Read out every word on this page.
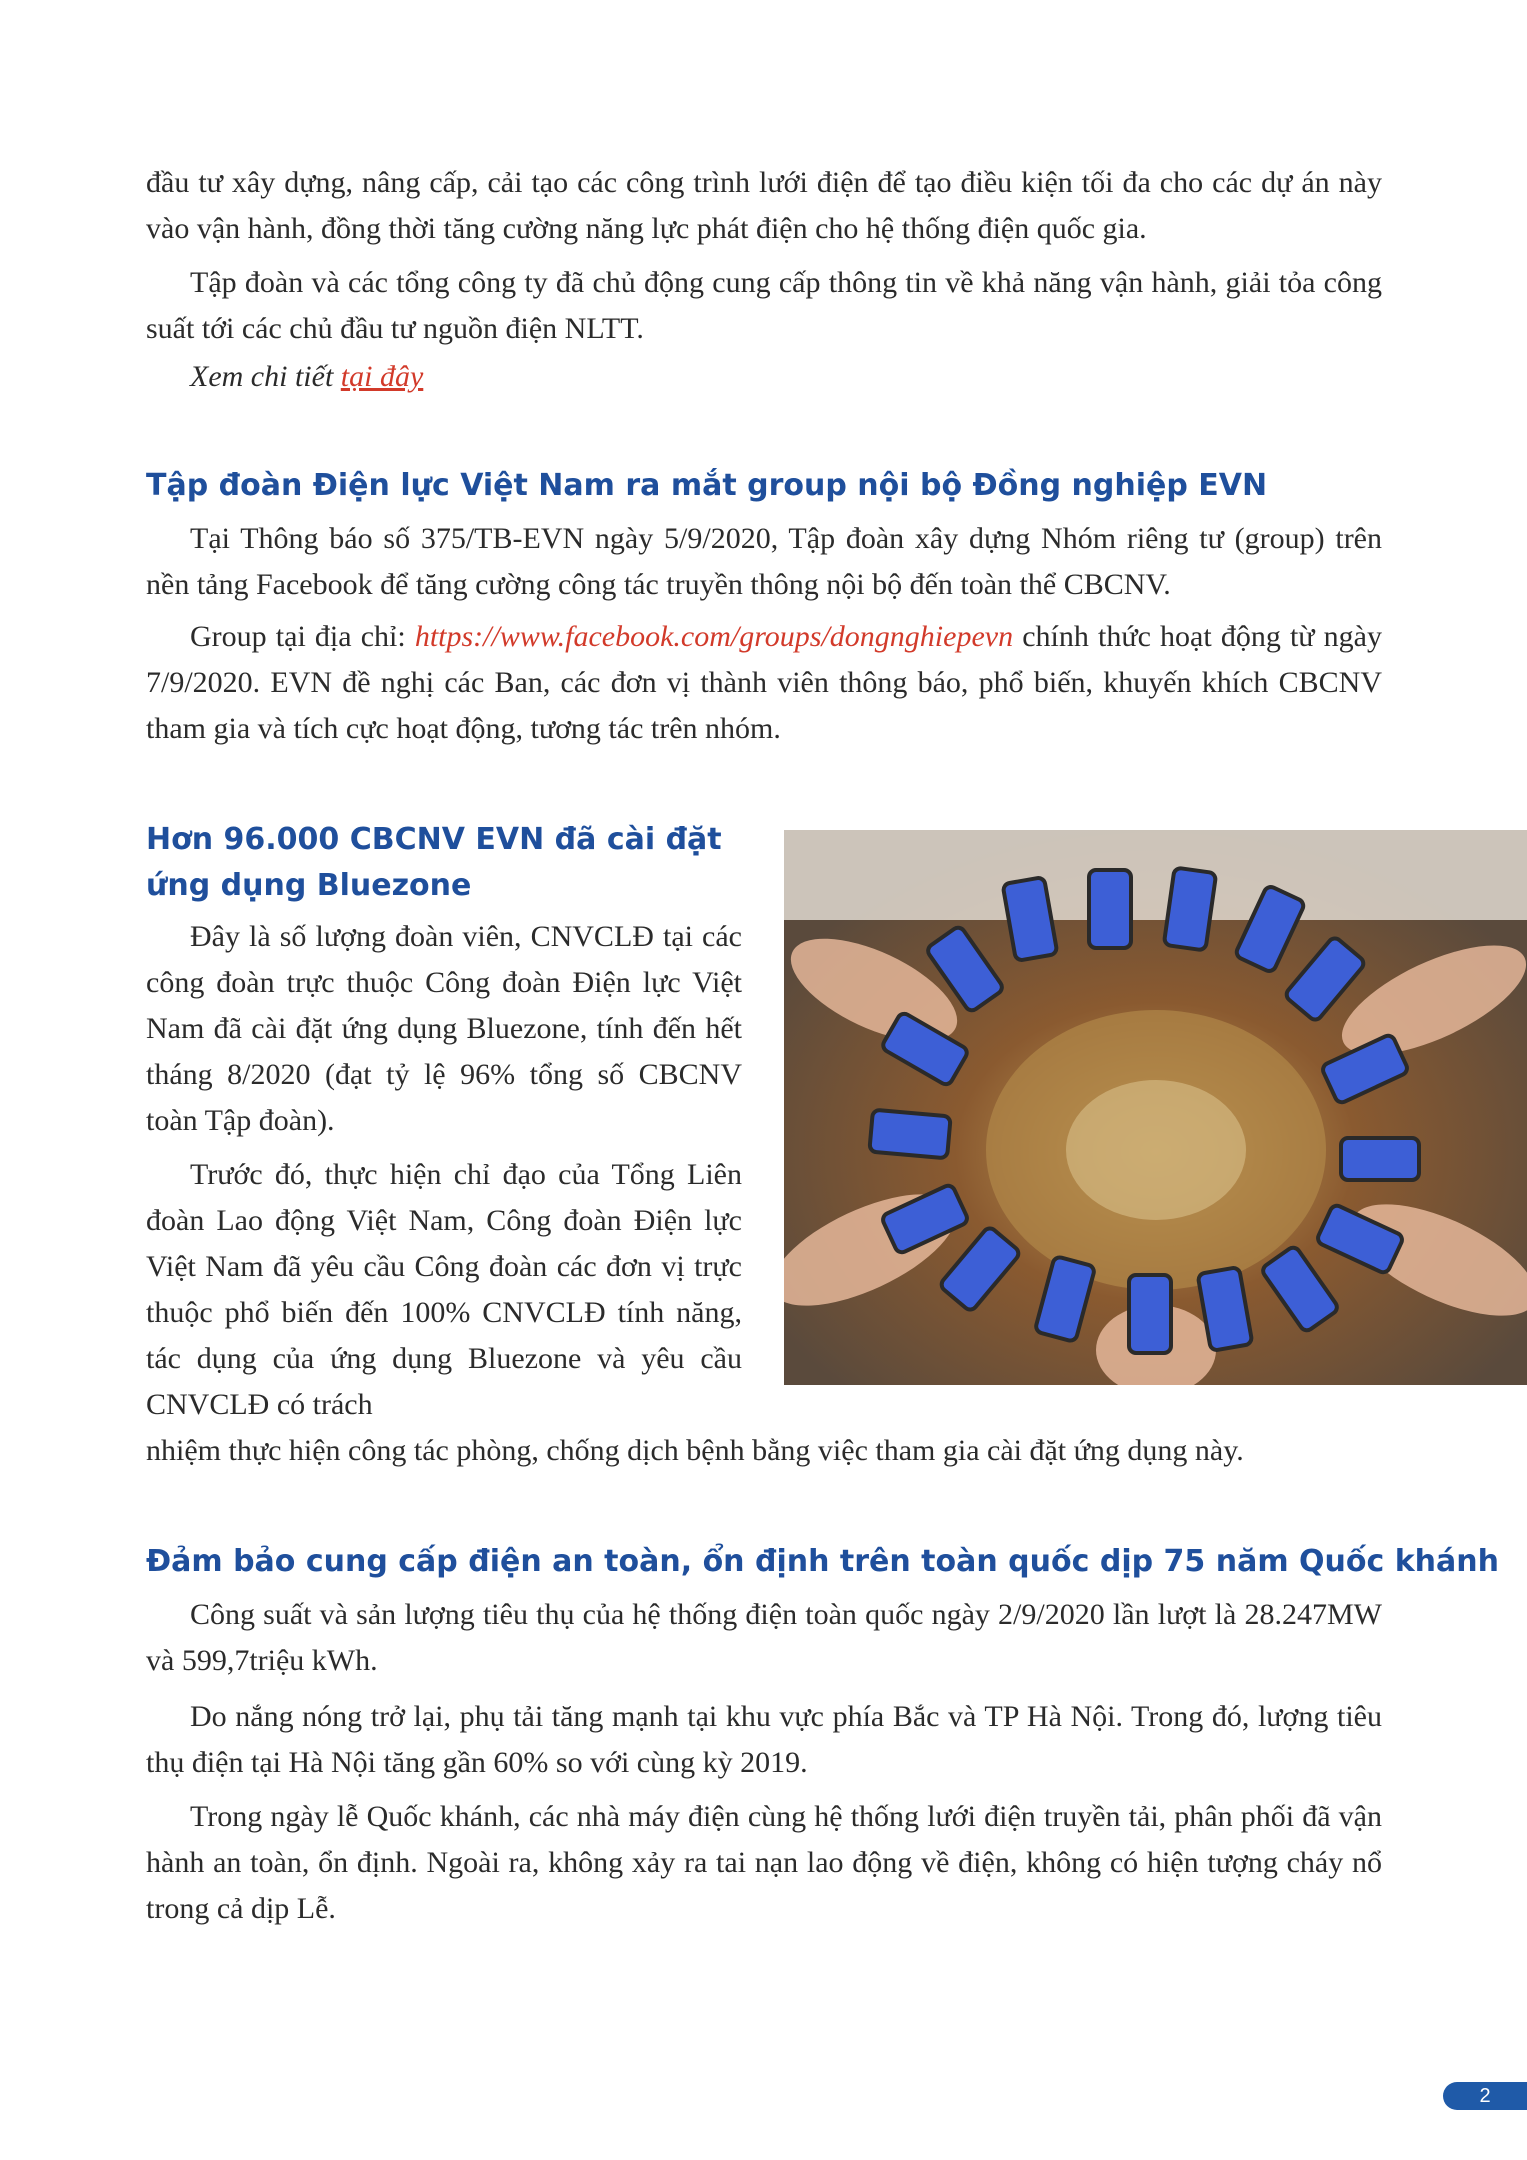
đầu tư xây dựng, nâng cấp, cải tạo các công trình lưới điện để tạo điều kiện tối đa cho các dự án này vào vận hành, đồng thời tăng cường năng lực phát điện cho hệ thống điện quốc gia.

Tập đoàn và các tổng công ty đã chủ động cung cấp thông tin về khả năng vận hành, giải tỏa công suất tới các chủ đầu tư nguồn điện NLTT.

Xem chi tiết tại đây

Tập đoàn Điện lực Việt Nam ra mắt group nội bộ Đồng nghiệp EVN

Tại Thông báo số 375/TB-EVN ngày 5/9/2020, Tập đoàn xây dựng Nhóm riêng tư (group) trên nền tảng Facebook để tăng cường công tác truyền thông nội bộ đến toàn thể CBCNV.

Group tại địa chỉ: https://www.facebook.com/groups/dongnghiepevn chính thức hoạt động từ ngày 7/9/2020. EVN đề nghị các Ban, các đơn vị thành viên thông báo, phổ biến, khuyến khích CBCNV tham gia và tích cực hoạt động, tương tác trên nhóm.

Hơn 96.000 CBCNV EVN đã cài đặt
ứng dụng Bluezone

Đây là số lượng đoàn viên, CNVCLĐ tại các công đoàn trực thuộc Công đoàn Điện lực Việt Nam đã cài đặt ứng dụng Bluezone, tính đến hết tháng 8/2020 (đạt tỷ lệ 96% tổng số CBCNV toàn Tập đoàn).

Trước đó, thực hiện chỉ đạo của Tổng Liên đoàn Lao động Việt Nam, Công đoàn Điện lực Việt Nam đã yêu cầu Công đoàn các đơn vị trực thuộc phổ biến đến 100% CNVCLĐ tính năng, tác dụng của ứng dụng Bluezone và yêu cầu CNVCLĐ có trách

nhiệm thực hiện công tác phòng, chống dịch bệnh bằng việc tham gia cài đặt ứng dụng này.

Đảm bảo cung cấp điện an toàn, ổn định trên toàn quốc dịp 75 năm Quốc khánh

Công suất và sản lượng tiêu thụ của hệ thống điện toàn quốc ngày 2/9/2020 lần lượt là 28.247MW và 599,7triệu kWh.

Do nắng nóng trở lại, phụ tải tăng mạnh tại khu vực phía Bắc và TP Hà Nội. Trong đó, lượng tiêu thụ điện tại Hà Nội tăng gần 60% so với cùng kỳ 2019.

Trong ngày lễ Quốc khánh, các nhà máy điện cùng hệ thống lưới điện truyền tải, phân phối đã vận hành an toàn, ổn định. Ngoài ra, không xảy ra tai nạn lao động về điện, không có hiện tượng cháy nổ trong cả dịp Lễ.

2
